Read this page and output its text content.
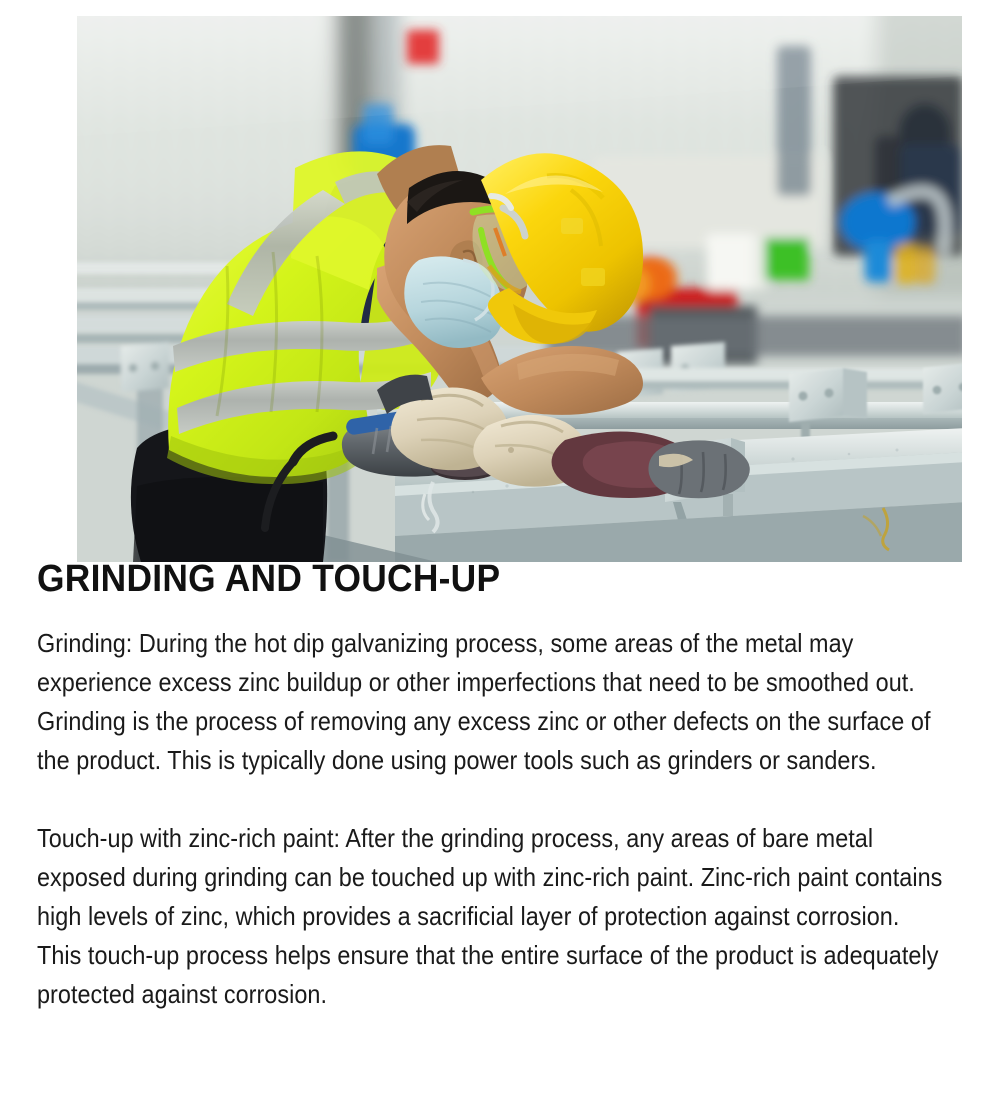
GRINDING AND TOUCH-UP

Grinding: During the hot dip galvanizing process, some areas of the metal may experience excess zinc buildup or other imperfections that need to be smoothed out. Grinding is the process of removing any excess zinc or other defects on the surface of the product. This is typically done using power tools such as grinders or sanders.

Touch-up with zinc-rich paint: After the grinding process, any areas of bare metal exposed during grinding can be touched up with zinc-rich paint. Zinc-rich paint contains high levels of zinc, which provides a sacrificial layer of protection against corrosion. This touch-up process helps ensure that the entire surface of the product is adequately protected against corrosion.
